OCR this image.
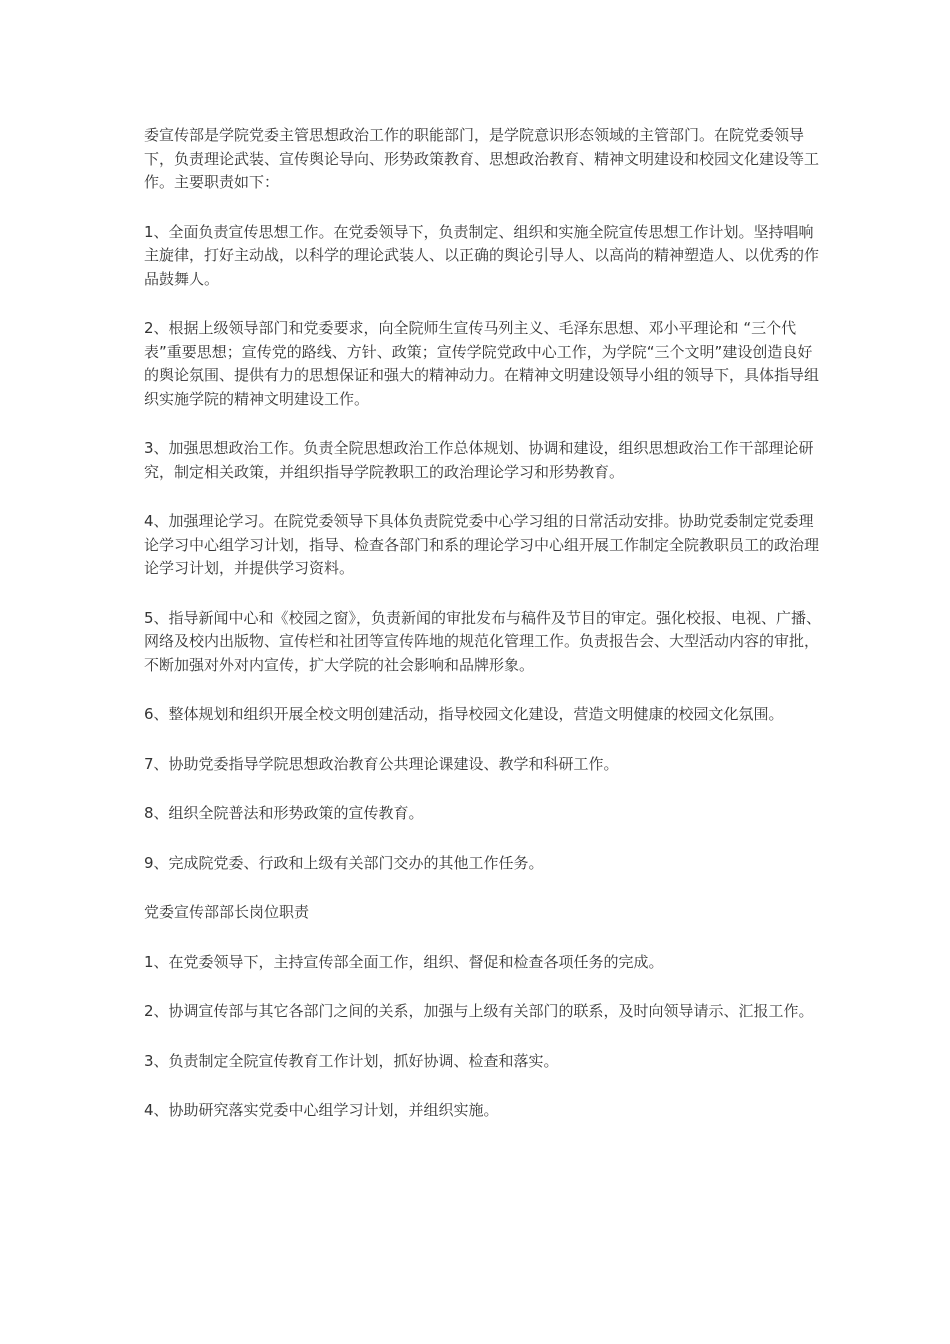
委宣传部是学院党委主管思想政治工作的职能部门，是学院意识形态领域的主管部门。在院党委领导下，负责理论武装、宣传舆论导向、形势政策教育、思想政治教育、精神文明建设和校园文化建设等工作。主要职责如下：

1、全面负责宣传思想工作。在党委领导下，负责制定、组织和实施全院宣传思想工作计划。坚持唱响主旋律，打好主动战，以科学的理论武装人、以正确的舆论引导人、以高尚的精神塑造人、以优秀的作品鼓舞人。

2、根据上级领导部门和党委要求，向全院师生宣传马列主义、毛泽东思想、邓小平理论和 “三个代表”重要思想；宣传党的路线、方针、政策；宣传学院党政中心工作，为学院“三个文明”建设创造良好的舆论氛围、提供有力的思想保证和强大的精神动力。在精神文明建设领导小组的领导下，具体指导组织实施学院的精神文明建设工作。

3、加强思想政治工作。负责全院思想政治工作总体规划、协调和建设，组织思想政治工作干部理论研究，制定相关政策，并组织指导学院教职工的政治理论学习和形势教育。

4、加强理论学习。在院党委领导下具体负责院党委中心学习组的日常活动安排。协助党委制定党委理论学习中心组学习计划，指导、检查各部门和系的理论学习中心组开展工作制定全院教职员工的政治理论学习计划，并提供学习资料。

5、指导新闻中心和《校园之窗》，负责新闻的审批发布与稿件及节目的审定。强化校报、电视、广播、网络及校内出版物、宣传栏和社团等宣传阵地的规范化管理工作。负责报告会、大型活动内容的审批，不断加强对外对内宣传，扩大学院的社会影响和品牌形象。

6、整体规划和组织开展全校文明创建活动，指导校园文化建设，营造文明健康的校园文化氛围。

7、协助党委指导学院思想政治教育公共理论课建设、教学和科研工作。

8、组织全院普法和形势政策的宣传教育。

9、完成院党委、行政和上级有关部门交办的其他工作任务。

党委宣传部部长岗位职责

1、在党委领导下，主持宣传部全面工作，组织、督促和检查各项任务的完成。

2、协调宣传部与其它各部门之间的关系，加强与上级有关部门的联系，及时向领导请示、汇报工作。

3、负责制定全院宣传教育工作计划，抓好协调、检查和落实。

4、协助研究落实党委中心组学习计划，并组织实施。
